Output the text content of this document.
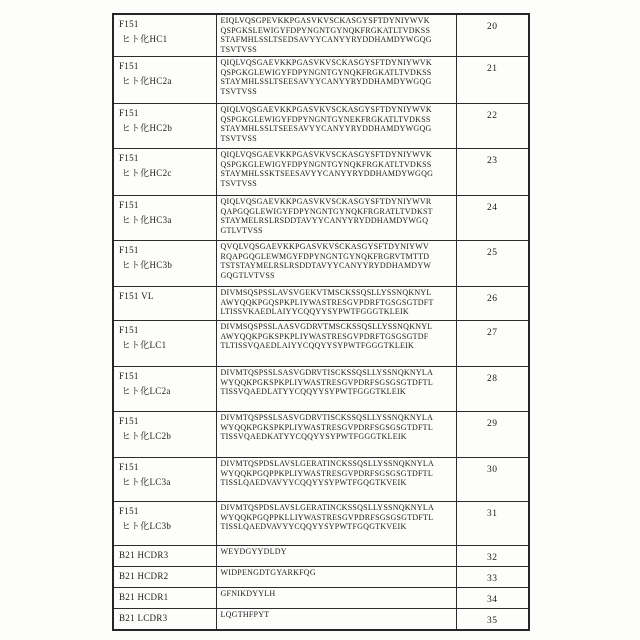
F151
ヒト化HC1	EIQLVQSGPEVKKPGASVKVSCKASGYSFTDYNIYWVK
QSPGKSLEWIGYFDPYNGNTGYNQKFRGKATLTVDKSS
STAFMHLSSLTSEDSAVYYCANYYRYDDHAMDYWGQG
TSVTVSS	20

F151
ヒト化HC2a	QIQLVQSGAEVKKPGASVKVSCKASGYSFTDYNIYWVK
QSPGKGLEWIGYFDPYNGNTGYNQKFRGKATLTVDKSS
STAYMHLSSLTSEESAVYYCANYYRYDDHAMDYWGQG
TSVTVSS	21

F151
ヒト化HC2b	QIQLVQSGAEVKKPGASVKVSCKASGYSFTDYNIYWVK
QSPGKGLEWIGYFDPYNGNTGYNEKFRGKATLTVDKSS
STAYMHLSSLTSEESAVYYCANYYRYDDHAMDYWGQG
TSVTVSS	22

F151
ヒト化HC2c	QIQLVQSGAEVKKPGASVKVSCKASGYSFTDYNIYWVK
QSPGKGLEWIGYFDPYNGNTGYNQKFRGKATLTVDKSS
STAYMHLSSKTSEESAVYYCANYYRYDDHAMDYWGQG
TSVTVSS	23

F151
ヒト化HC3a	QIQLVQSGAEVKKPGASVKVSCKASGYSFTDYNIYWVR
QAPGQGLEWIGYFDPYNGNTGYNQKFRGRATLTVDKST
STAYMELRSLRSDDTAVYYCANYYRYDDHAMDYWGQ
GTLVTVSS	24

F151
ヒト化HC3b	QVQLVQSGAEVKKPGASVKVSCKASGYSFTDYNIYWV
RQAPGQGLEWMGYFDPYNGNTGYNQKFRGRVTMTTD
TSTSTAYMELRSLRSDDTAVYYCANYYRYDDHAMDYW
GQGTLVTVSS	25

F151 VL	DIVMSQSPSSLAVSVGEKVTMSCKSSQSLLYSSNQKNYL
AWYQQKPGQSPKPLIYWASTRESGVPDRFTGSGSGTDFT
LTISSVKAEDLAIYYCQQYYSYPWTFGGGTKLEIK	26

F151
ヒト化LC1	DIVMSQSPSSLAASVGDRVTMSCKSSQSLLYSSNQKNYL
AWYQQKPGKSPKPLIYWASTRESGVPDRFTGSGSGTDF
TLTISSVQAEDLAIYYCQQYYSYPWTFGGGTKLEIK	27

F151
ヒト化LC2a	DIVMTQSPSSLSASVGDRVTISCKSSQSLLYSSNQKNYLA
WYQQKPGKSPKPLIYWASTRESGVPDRFSGSGSGTDFTL
TISSVQAEDLATYYCQQYYSYPWTFGGGTKLEIK	28

F151
ヒト化LC2b	DIVMTQSPSSLSASVGDRVTISCKSSQSLLYSSNQKNYLA
WYQQKPGKSPKPLIYWASTRESGVPDRFSGSGSGTDFTL
TISSVQAEDKATYYCQQYYSYPWTFGGGTKLEIK	29

F151
ヒト化LC3a	DIVMTQSPDSLAVSLGERATINCKSSQSLLYSSNQKNYLA
WYQQKPGQPPKPLIYWASTRESGVPDRFSGSGSGTDFTL
TISSLQAEDVAVYYCQQYYSYPWTFGQGTKVEIK	30

F151
ヒト化LC3b	DIVMTQSPDSLAVSLGERATINCKSSQSLLYSSNQKNYLA
WYQQKPGQPPKLLIYWASTRESGVPDRFSGSGSGTDFTL
TISSLQAEDVAVYYCQQYYSYPWTFGQGTKVEIK	31

B21 HCDR3	WEYDGYYDLDY	32

B21 HCDR2	WIDPENGDTGYARKFQG	33

B21 HCDR1	GFNIKDYYLH	34

B21 LCDR3	LQGTHFPYT	35
